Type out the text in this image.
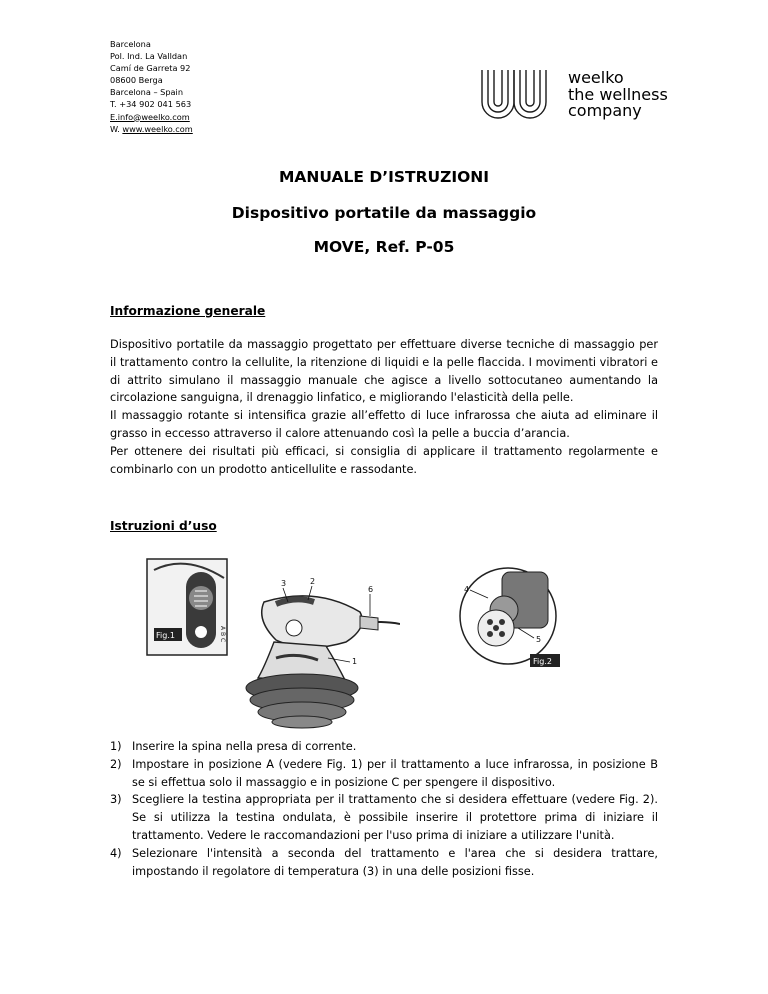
Barcelona
Pol. Ind. La Valldan
Camí de Garreta 92
08600 Berga
Barcelona – Spain
T. +34 902 041 563
E.info@weelko.com
W. www.weelko.com
weelko
the wellness
company
MANUALE D’ISTRUZIONI
Dispositivo portatile da massaggio
MOVE, Ref. P-05
Informazione generale

Dispositivo portatile da massaggio progettato per effettuare diverse tecniche di massaggio per il trattamento contro la cellulite, la ritenzione di liquidi e la pelle flaccida. I movimenti vibratori e di attrito simulano il massaggio manuale che agisce a livello sottocutaneo aumentando la circolazione sanguigna, il drenaggio linfatico, e migliorando l'elasticità della pelle.

Il massaggio rotante si intensifica grazie all’effetto di luce infrarossa che aiuta ad eliminare il grasso in eccesso attraverso il calore attenuando così la pelle a buccia d’arancia.

Per ottenere dei risultati più efficaci, si consiglia di applicare il trattamento regolarmente e combinarlo con un prodotto anticellulite e rassodante.

Istruzioni d’uso
Fig.1	A B C
3	2
6
1	Fig.2
4
5
1) Inserire la spina nella presa di corrente.
2) Impostare in posizione A (vedere Fig. 1) per il trattamento a luce infrarossa, in posizione B se si effettua solo il massaggio e in posizione C per spengere il dispositivo.
3) Scegliere la testina appropriata per il trattamento che si desidera effettuare (vedere Fig. 2). Se si utilizza la testina ondulata, è possibile inserire il protettore prima di iniziare il trattamento. Vedere le raccomandazioni per l'uso prima di iniziare a utilizzare l'unità.
4) Selezionare l'intensità a seconda del trattamento e l'area che si desidera trattare, impostando il regolatore di temperatura (3) in una delle posizioni fisse.
